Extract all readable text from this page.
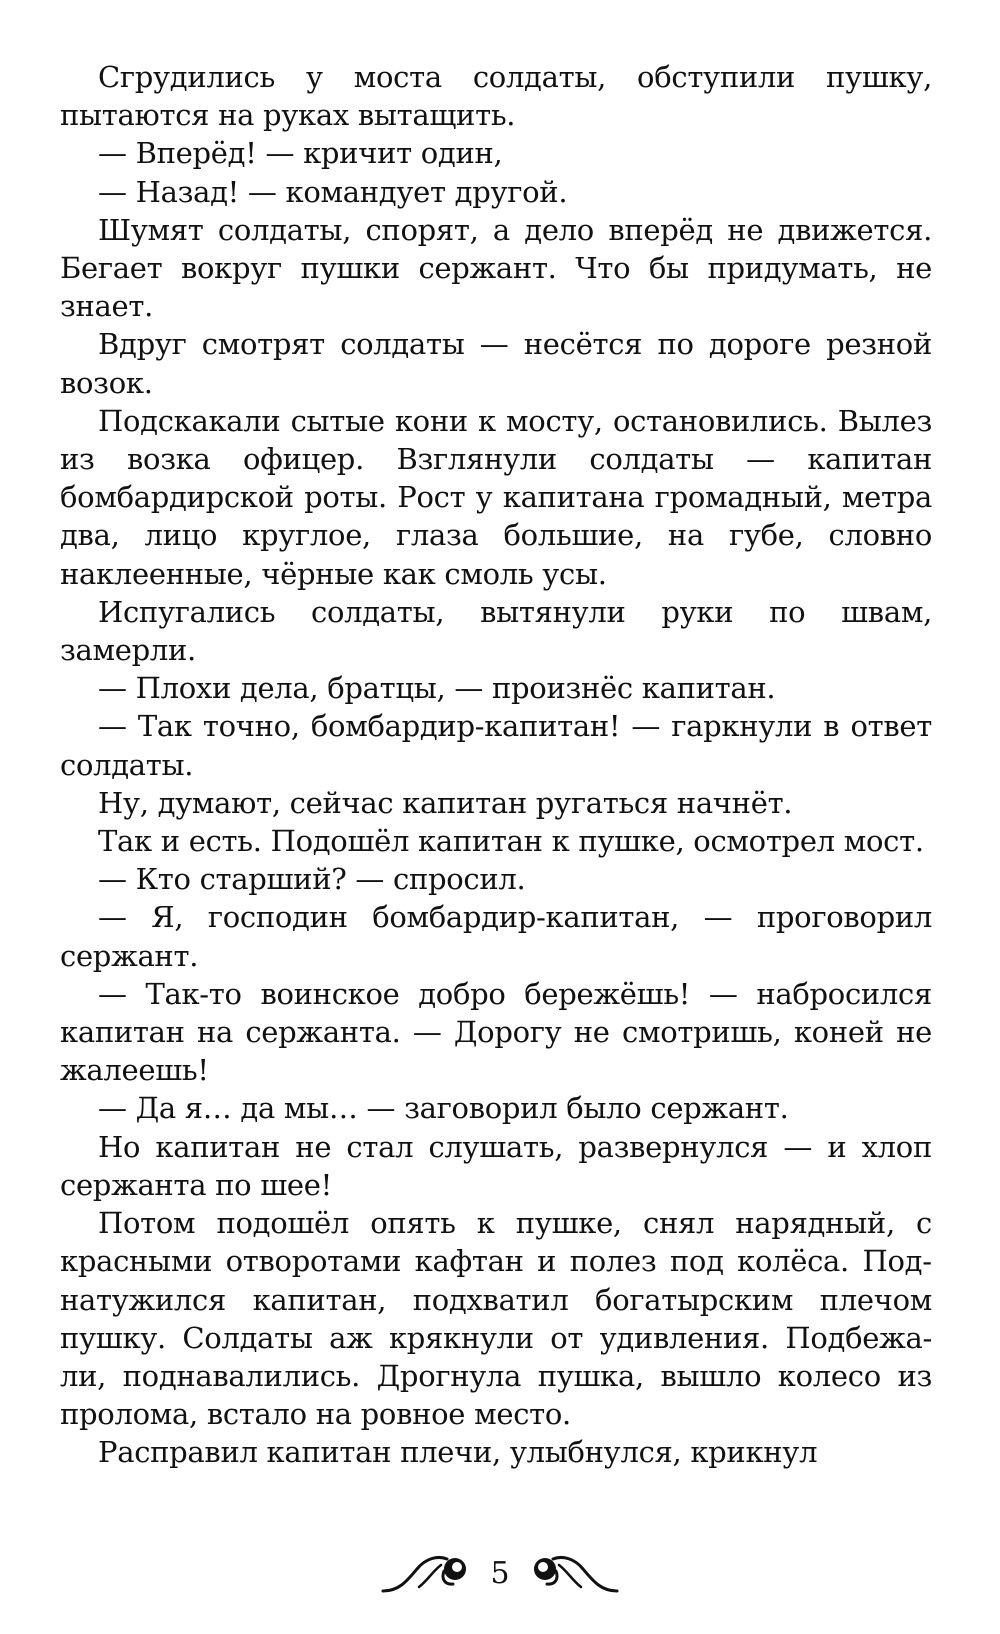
Сгрудились у моста солдаты, обступили пушку, пытаются на руках вытащить.

— Вперёд! — кричит один,

— Назад! — командует другой.

Шумят солдаты, спорят, а дело вперёд не движется. Бегает вокруг пушки сержант. Что бы придумать, не знает.

Вдруг смотрят солдаты — несётся по дороге резной возок.

Подскакали сытые кони к мосту, остановились. Вылез из возка офицер. Взглянули солдаты — капитан бомбардирской роты. Рост у капитана громадный, метра два, лицо круглое, глаза большие, на губе, словно наклеенные, чёрные как смоль усы.

Испугались солдаты, вытянули руки по швам, замерли.

— Плохи дела, братцы, — произнёс капитан.

— Так точно, бомбардир-капитан! — гаркнули в ответ солдаты.

Ну, думают, сейчас капитан ругаться начнёт.

Так и есть. Подошёл капитан к пушке, осмотрел мост.

— Кто старший? — спросил.

— Я, господин бомбардир-капитан, — проговорил сержант.

— Так-то воинское добро бережёшь! — набросился капитан на сержанта. — Дорогу не смотришь, коней не жалеешь!

— Да я… да мы… — заговорил было сержант.

Но капитан не стал слушать, развернулся — и хлоп сержанта по шее!

Потом подошёл опять к пушке, снял нарядный, с красными отворотами кафтан и полез под колёса. Поднатужился капитан, подхватил богатырским плечом пушку. Солдаты аж крякнули от удивления. Подбежа-ли, поднавалились. Дрогнула пушка, вышло колесо из пролома, встало на ровное место.

Расправил капитан плечи, улыбнулся, крикнул

5
